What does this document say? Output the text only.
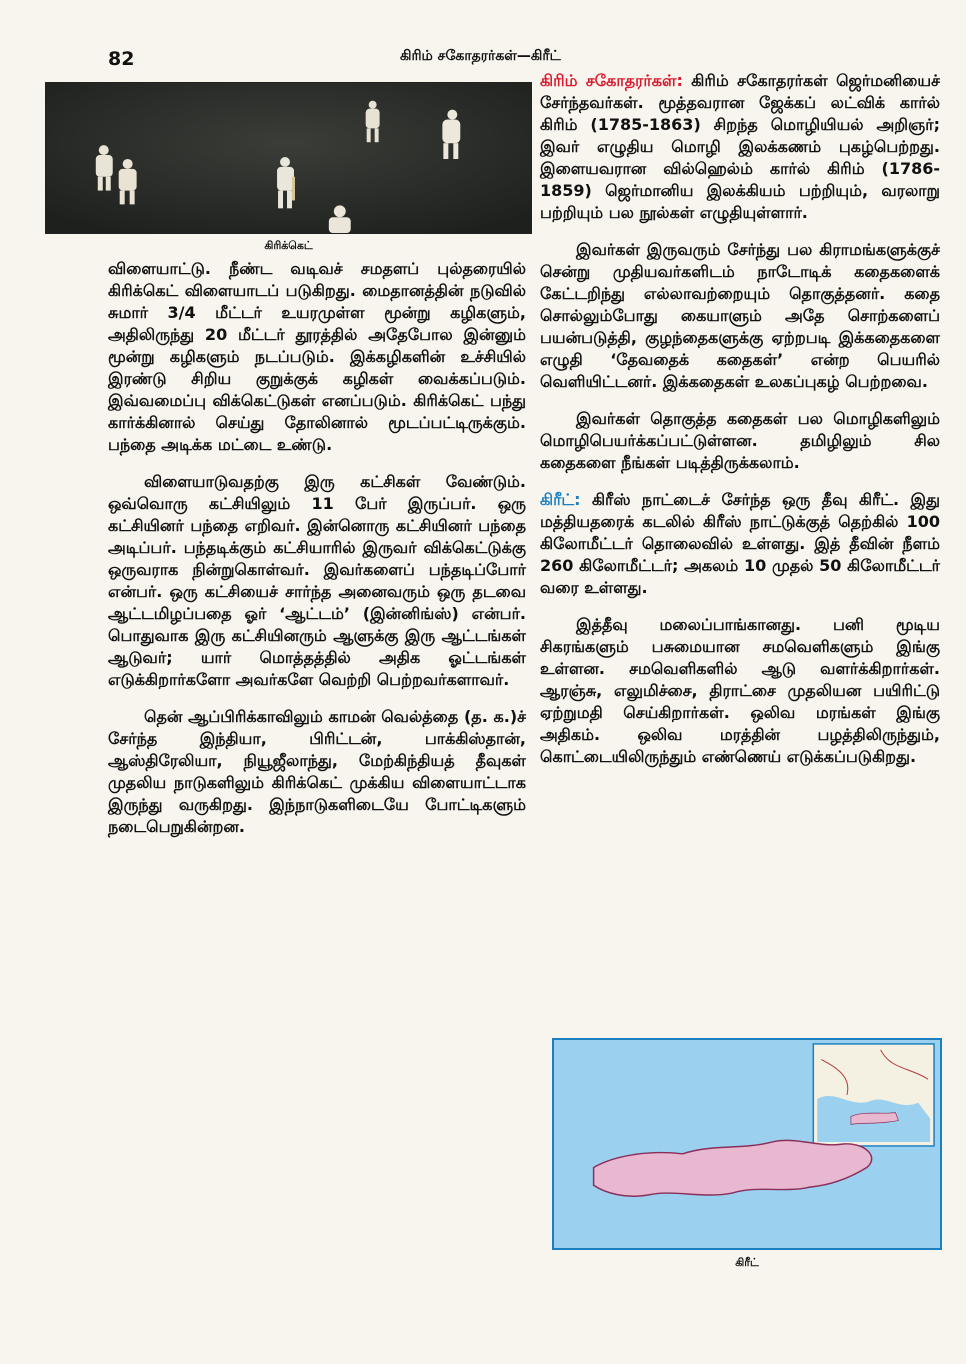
82	கிரிம் சகோதரர்கள்—கிரீட்
கிரிக்கெட்

விளையாட்டு. நீண்ட வடிவச் சமதளப் புல்தரையில் கிரிக்கெட் விளையாடப் படுகிறது. மைதானத்தின் நடுவில் சுமார் 3/4 மீட்டர் உயரமுள்ள மூன்று கழிகளும், அதிலிருந்து 20 மீட்டர் தூரத்தில் அதேபோல இன்னும் மூன்று கழிகளும் நடப்படும். இக்கழிகளின் உச்சியில் இரண்டு சிறிய குறுக்குக் கழிகள் வைக்கப்படும். இவ்வமைப்பு விக்கெட்டுகள் எனப்படும். கிரிக்கெட் பந்து கார்க்கினால் செய்து தோலினால் மூடப்பட்டிருக்கும். பந்தை அடிக்க மட்டை உண்டு.

விளையாடுவதற்கு இரு கட்சிகள் வேண்டும். ஒவ்வொரு கட்சியிலும் 11 பேர் இருப்பர். ஒரு கட்சியினர் பந்தை எறிவர். இன்னொரு கட்சியினர் பந்தை அடிப்பர். பந்தடிக்கும் கட்சியாரில் இருவர் விக்கெட்டுக்கு ஒருவராக நின்றுகொள்வர். இவர்களைப் பந்தடிப்போர் என்பர். ஒரு கட்சியைச் சார்ந்த அனைவரும் ஒரு தடவை ஆட்டமிழப்பதை ஓர் ‘ஆட்டம்’ (இன்னிங்ஸ்) என்பர். பொதுவாக இரு கட்சியினரும் ஆளுக்கு இரு ஆட்டங்கள் ஆடுவர்; யார் மொத்தத்தில் அதிக ஓட்டங்கள் எடுக்கிறார்களோ அவர்களே வெற்றி பெற்றவர்களாவர்.

தென் ஆப்பிரிக்காவிலும் காமன் வெல்த்தை (த. க.)ச் சேர்ந்த இந்தியா, பிரிட்டன், பாக்கிஸ்தான், ஆஸ்திரேலியா, நியூஜீலாந்து, மேற்கிந்தியத் தீவுகள் முதலிய நாடுகளிலும் கிரிக்கெட் முக்கிய விளையாட்டாக இருந்து வருகிறது. இந்நாடுகளிடையே போட்டிகளும் நடைபெறுகின்றன.

கிரிம் சகோதரர்கள்: கிரிம் சகோதரர்கள் ஜெர்மனியைச் சேர்ந்தவர்கள். மூத்தவரான ஜேக்கப் லட்விக் கார்ல் கிரிம் (1785-1863) சிறந்த மொழியியல் அறிஞர்; இவர் எழுதிய மொழி இலக்கணம் புகழ்பெற்றது. இளையவரான வில்ஹெல்ம் கார்ல் கிரிம் (1786-1859) ஜெர்மானிய இலக்கியம் பற்றியும், வரலாறு பற்றியும் பல நூல்கள் எழுதியுள்ளார்.

இவர்கள் இருவரும் சேர்ந்து பல கிராமங்களுக்குச் சென்று முதியவர்களிடம் நாடோடிக் கதைகளைக் கேட்டறிந்து எல்லாவற்றையும் தொகுத்தனர். கதை சொல்லும்போது கையாளும் அதே சொற்களைப் பயன்படுத்தி, குழந்தைகளுக்கு ஏற்றபடி இக்கதைகளை எழுதி ‘தேவதைக் கதைகள்’ என்ற பெயரில் வெளியிட்டனர். இக்கதைகள் உலகப்புகழ் பெற்றவை.

இவர்கள் தொகுத்த கதைகள் பல மொழிகளிலும் மொழிபெயர்க்கப்பட்டுள்ளன. தமிழிலும் சில கதைகளை நீங்கள் படித்திருக்கலாம்.

கிரீட்: கிரீஸ் நாட்டைச் சேர்ந்த ஒரு தீவு கிரீட். இது மத்தியதரைக் கடலில் கிரீஸ் நாட்டுக்குத் தெற்கில் 100 கிலோமீட்டர் தொலைவில் உள்ளது. இத் தீவின் நீளம் 260 கிலோமீட்டர்; அகலம் 10 முதல் 50 கிலோமீட்டர் வரை உள்ளது.

இத்தீவு மலைப்பாங்கானது. பனி மூடிய சிகரங்களும் பசுமையான சமவெளிகளும் இங்கு உள்ளன. சமவெளிகளில் ஆடு வளர்க்கிறார்கள். ஆரஞ்சு, எலுமிச்சை, திராட்சை முதலியன பயிரிட்டு ஏற்றுமதி செய்கிறார்கள். ஒலிவ மரங்கள் இங்கு அதிகம். ஒலிவ மரத்தின் பழத்திலிருந்தும், கொட்டையிலிருந்தும் எண்ணெய் எடுக்கப்படுகிறது.

கிரீட்
